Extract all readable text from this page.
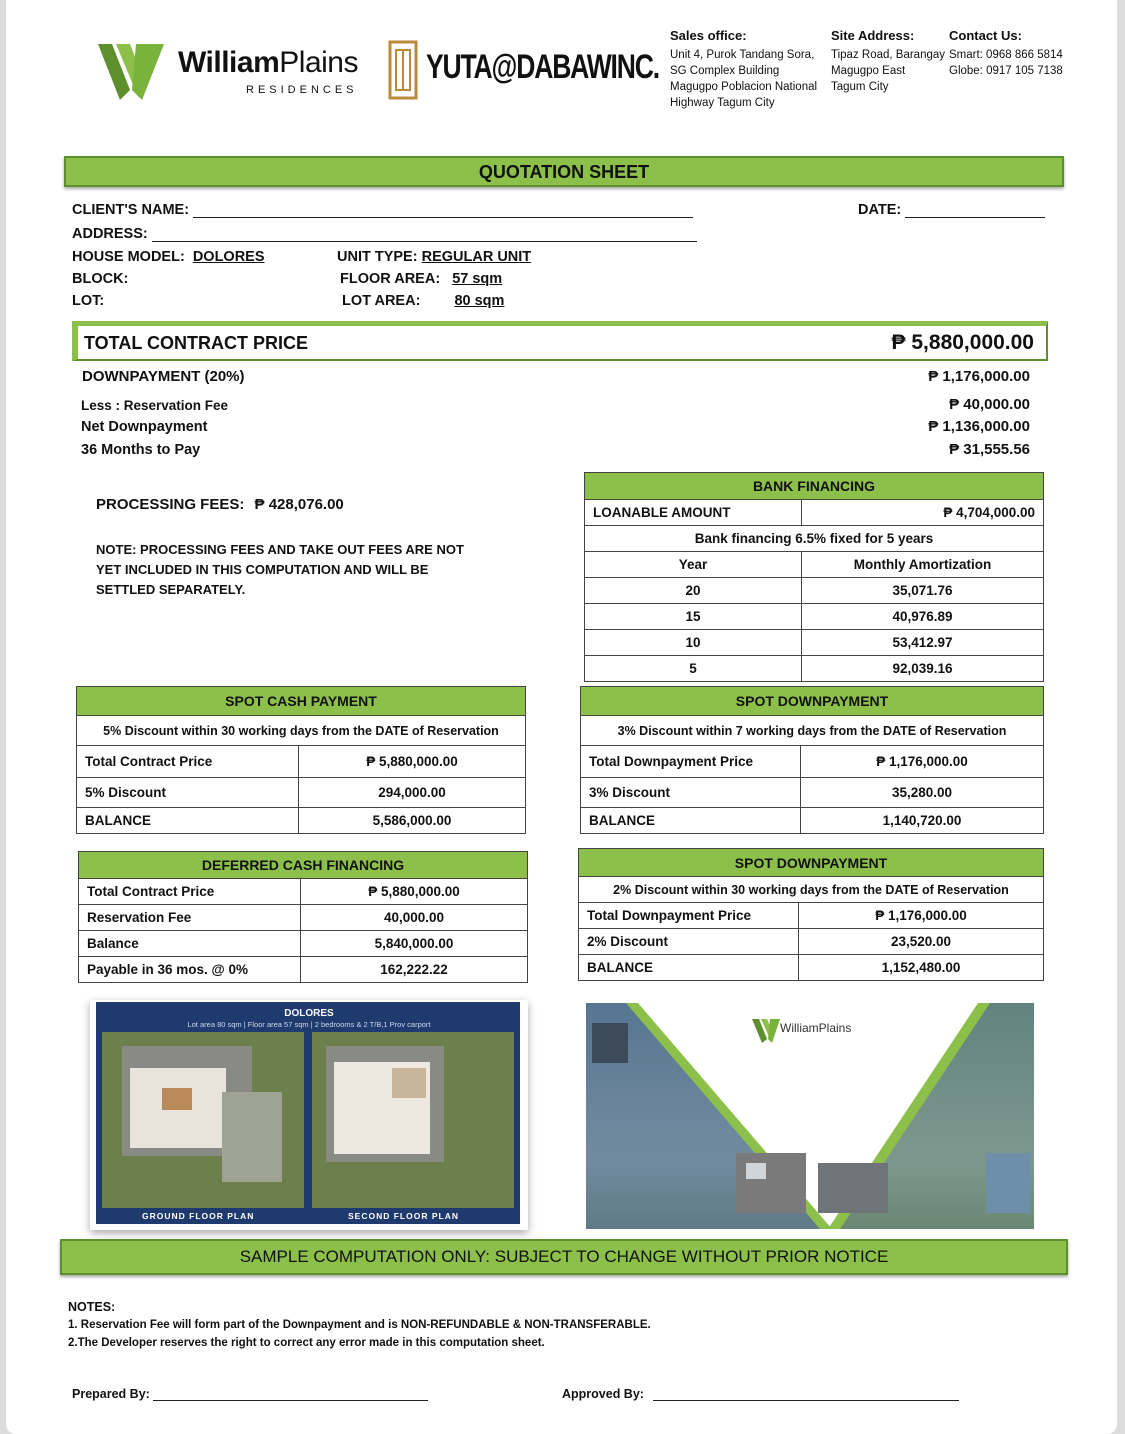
WilliamPlains
RESIDENCES
YUTA@DABAWINC.
Sales office:
Unit 4, Purok Tandang Sora,
SG Complex Building
Magugpo Poblacion National
Highway Tagum City
Site Address:
Tipaz Road, Barangay
Magugpo East
Tagum City
Contact Us:
Smart: 0968 866 5814
Globe: 0917 105 7138
QUOTATION SHEET
CLIENT'S NAME:	DATE:
ADDRESS:
HOUSE MODEL: DOLORES
BLOCK:
LOT:
UNIT TYPE: REGULAR UNIT
FLOOR AREA: 57 sqm
LOT AREA: 80 sqm
TOTAL CONTRACT PRICE	₱ 5,880,000.00
DOWNPAYMENT (20%)	₱ 1,176,000.00
Less : Reservation Fee	₱ 40,000.00
Net Downpayment	₱ 1,136,000.00
36 Months to Pay	₱ 31,555.56
PROCESSING FEES: ₱ 428,076.00
NOTE: PROCESSING FEES AND TAKE OUT FEES ARE NOT
YET INCLUDED IN THIS COMPUTATION AND WILL BE
SETTLED SEPARATELY.
BANK FINANCING	
LOANABLE AMOUNT	₱ 4,704,000.00
Bank financing 6.5% fixed for 5 years	
Year	Monthly Amortization
20	35,071.76
15	40,976.89
10	53,412.97
5	92,039.16
SPOT CASH PAYMENT	
5% Discount within 30 working days from the DATE of Reservation	
Total Contract Price	₱ 5,880,000.00
5% Discount	294,000.00
BALANCE	5,586,000.00
SPOT DOWNPAYMENT	
3% Discount within 7 working days from the DATE of Reservation	
Total Downpayment Price	₱ 1,176,000.00
3% Discount	35,280.00
BALANCE	1,140,720.00
DEFERRED CASH FINANCING	
Total Contract Price	₱ 5,880,000.00
Reservation Fee	40,000.00
Balance	5,840,000.00
Payable in 36 mos. @ 0%	162,222.22
SPOT DOWNPAYMENT	
2% Discount within 30 working days from the DATE of Reservation	
Total Downpayment Price	₱ 1,176,000.00
2% Discount	23,520.00
BALANCE	1,152,480.00
DOLORES
Lot area 80 sqm | Floor area 57 sqm | 2 bedrooms & 2 T/B,1 Prov carport
GROUND FLOOR PLAN	SECOND FLOOR PLAN
WilliamPlains
SAMPLE COMPUTATION ONLY: SUBJECT TO CHANGE WITHOUT PRIOR NOTICE
NOTES:
1. Reservation Fee will form part of the Downpayment and is NON-REFUNDABLE & NON-TRANSFERABLE.
2.The Developer reserves the right to correct any error made in this computation sheet.
Prepared By:	Approved By:
